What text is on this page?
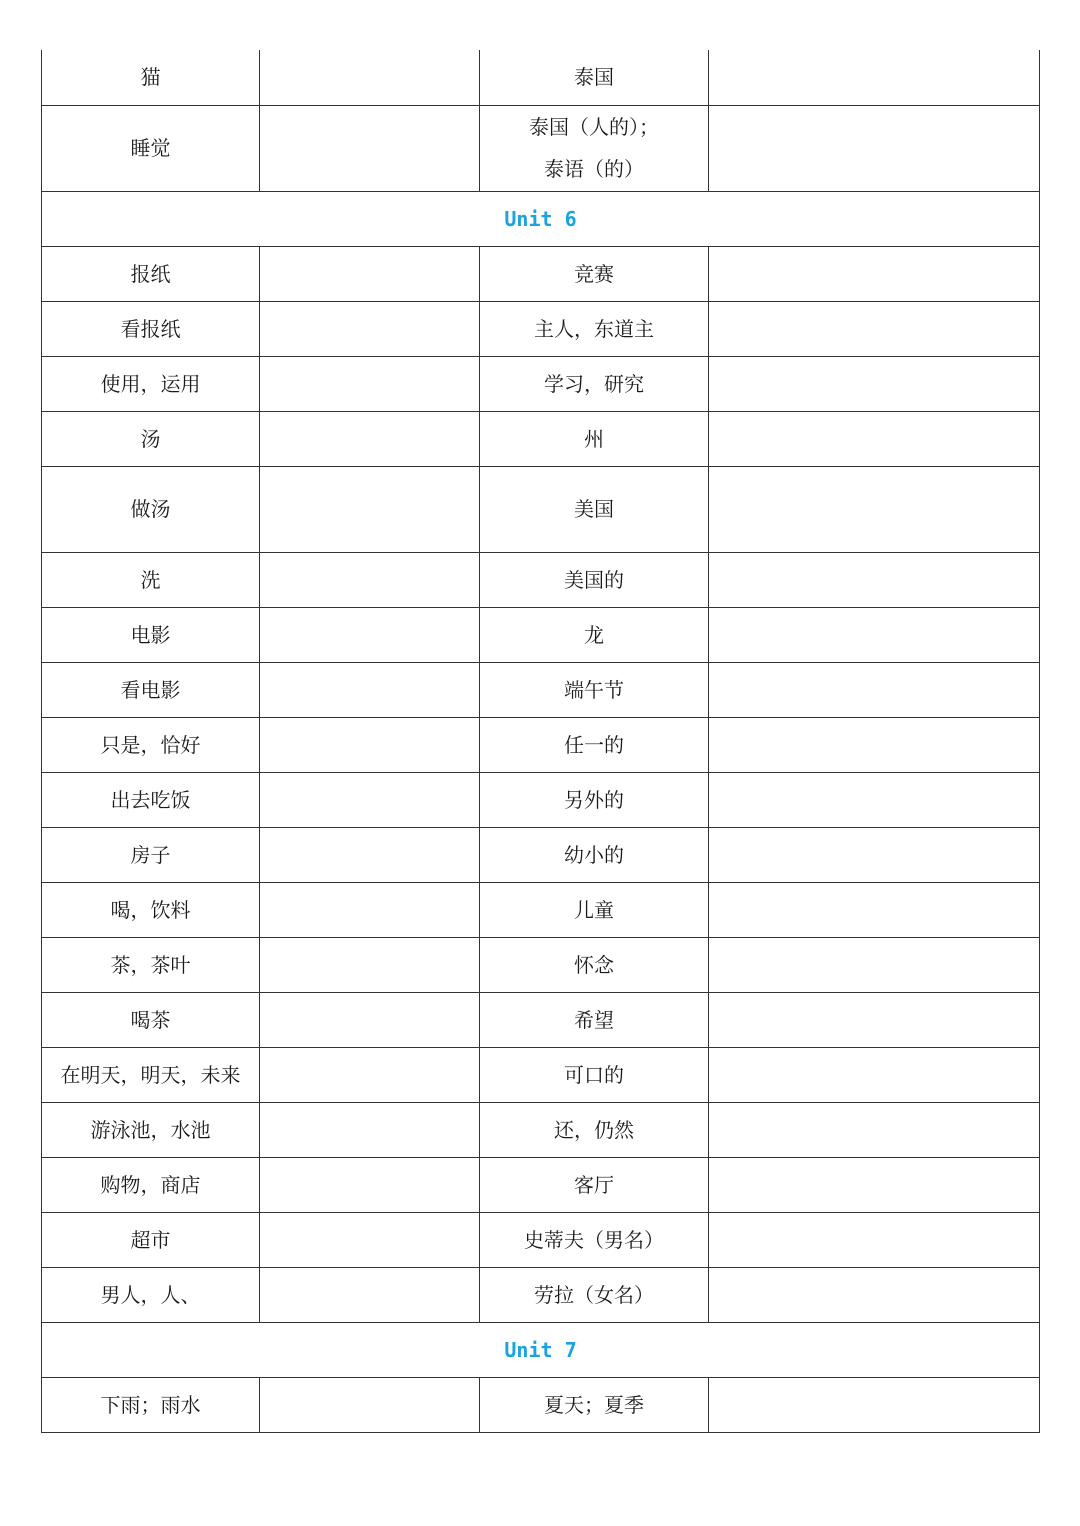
猫		泰国	
睡觉		泰国（人的）；
泰语（的）	

Unit 6			
报纸		竞赛	
看报纸		主人，东道主	
使用，运用		学习，研究	
汤		州	
做汤		美国	
洗		美国的	
电影		龙	
看电影		端午节	
只是，恰好		任一的	
出去吃饭		另外的	
房子		幼小的	
喝，饮料		儿童	
茶，茶叶		怀念	
喝茶		希望	
在明天，明天，未来		可口的	
游泳池，水池		还，仍然	
购物，商店		客厅	
超市		史蒂夫（男名）	
男人，人、		劳拉（女名）	
Unit 7			
下雨；雨水		夏天；夏季	
